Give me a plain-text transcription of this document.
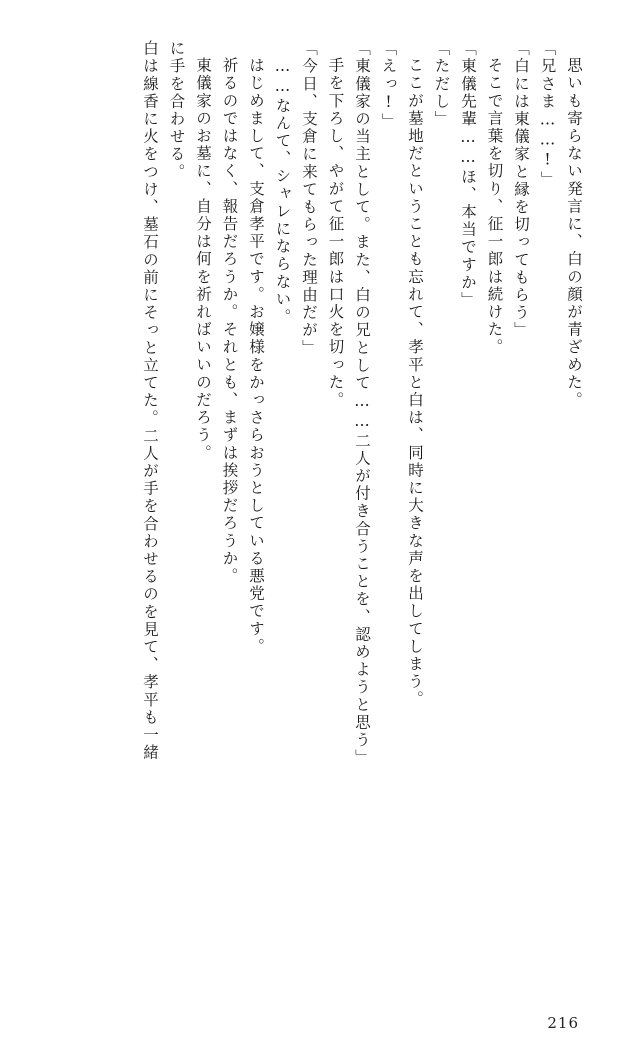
白は線香に火をつけ、墓石の前にそっと立てた。二人が手を合わせるのを見て、孝平も一緒 に手を合わせる。 東儀家のお墓に、自分は何を祈ればいいのだろう。 祈るのではなく、報告だろうか。それとも、まずは挨拶だろうか。 はじめまして、支倉孝平です。お嬢様をかっさらおうとしている悪党です。 ……なんて、シャレにならない。 「今日、支倉に来てもらった理由だが」 手を下ろし、やがて征一郎は口火を切った。 「東儀家の当主として。また、白の兄として……二人が付き合うことを、認めようと思う」 「えっ!」 ここが墓地だということも忘れて、孝平と白は、同時に大きな声を出してしまう。 「ただし」 「東儀先輩……ほ、本当ですか」 そこで言葉を切り、征一郎は続けた。 「白には東儀家と縁を切ってもらう」 「兄さま……!」 思いも寄らない発言に、白の顔が青ざめた。
216
